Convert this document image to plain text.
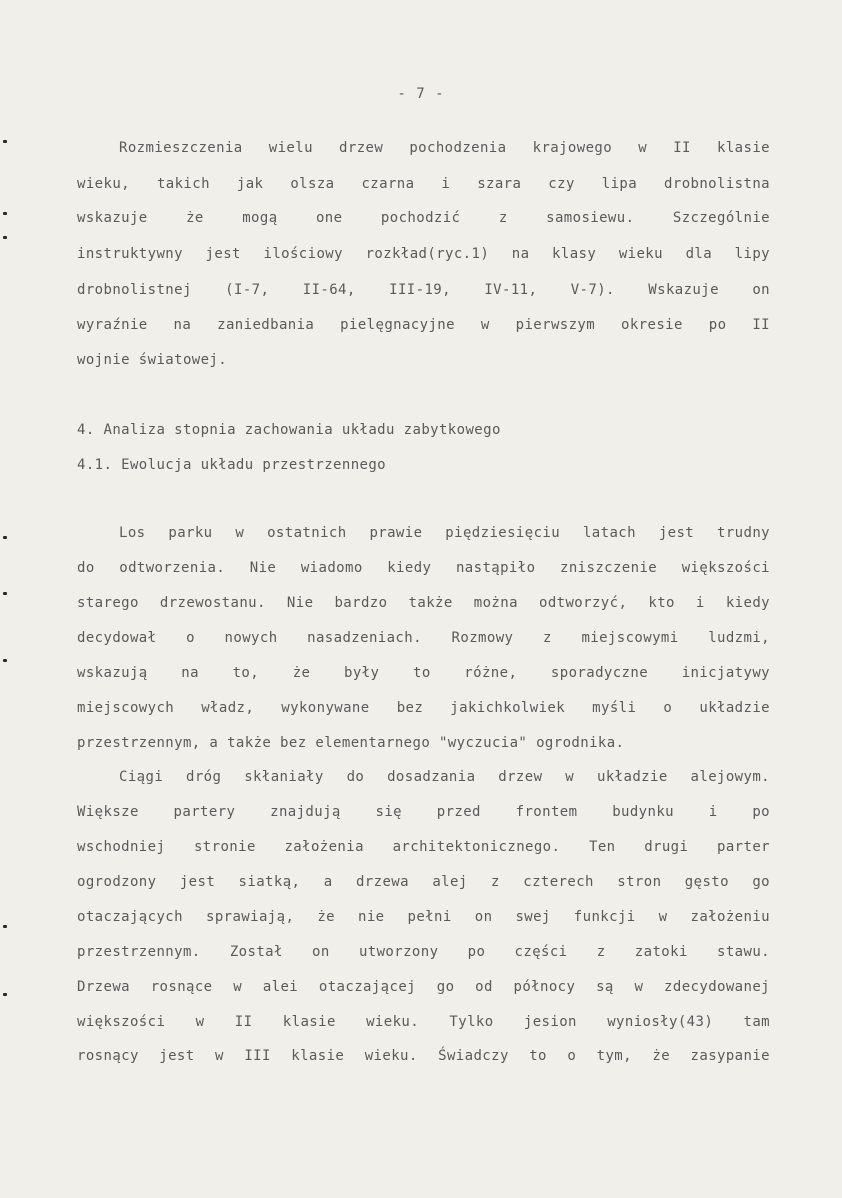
- 7 -
Rozmieszczenia wielu drzew pochodzenia krajowego w II klasie
wieku, takich jak olsza czarna i szara czy lipa drobnolistna
wskazuje że mogą one pochodzić z samosiewu. Szczególnie
instruktywny jest ilościowy rozkład(ryc.1) na klasy wieku dla lipy
drobnolistnej (I-7, II-64, III-19, IV-11, V-7). Wskazuje on
wyraźnie na zaniedbania pielęgnacyjne w pierwszym okresie po II
wojnie światowej.
4. Analiza stopnia zachowania układu zabytkowego
4.1. Ewolucja układu przestrzennego
Los parku w ostatnich prawie piędziesięciu latach jest trudny
do odtworzenia. Nie wiadomo kiedy nastąpiło zniszczenie większości
starego drzewostanu. Nie bardzo także można odtworzyć, kto i kiedy
decydował o nowych nasadzeniach. Rozmowy z miejscowymi ludzmi,
wskazują na to, że były to różne, sporadyczne inicjatywy
miejscowych władz, wykonywane bez jakichkolwiek myśli o układzie
przestrzennym, a także bez elementarnego "wyczucia" ogrodnika.
Ciągi dróg skłaniały do dosadzania drzew w układzie alejowym.
Większe partery znajdują się przed frontem budynku i po
wschodniej stronie założenia architektonicznego. Ten drugi parter
ogrodzony jest siatką, a drzewa alej z czterech stron gęsto go
otaczających sprawiają, że nie pełni on swej funkcji w założeniu
przestrzennym. Został on utworzony po części z zatoki stawu.
Drzewa rosnące w alei otaczającej go od północy są w zdecydowanej
większości w II klasie wieku. Tylko jesion wyniosły(43) tam
rosnący jest w III klasie wieku. Świadczy to o tym, że zasypanie
